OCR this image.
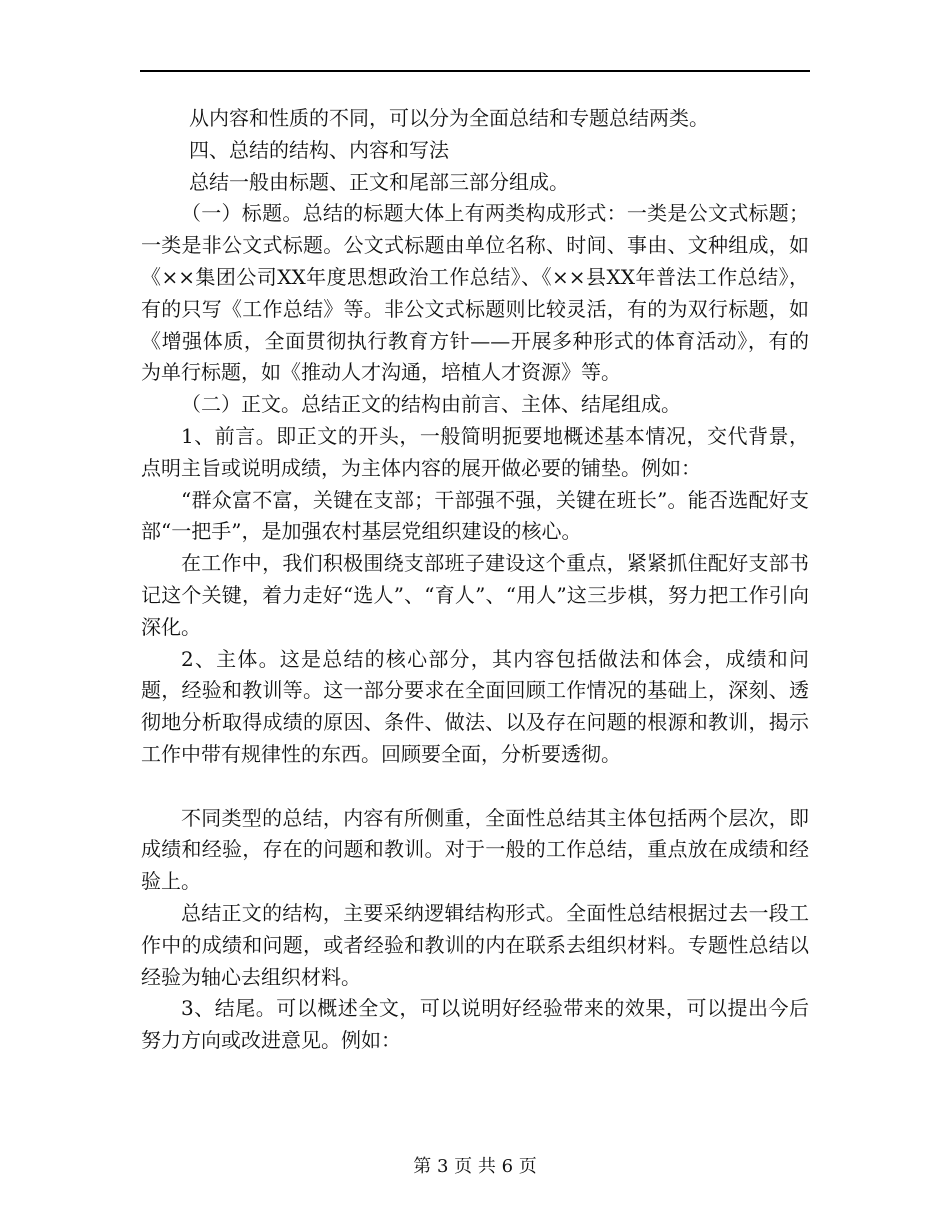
从内容和性质的不同，可以分为全面总结和专题总结两类。

四、总结的结构、内容和写法

总结一般由标题、正文和尾部三部分组成。

（一）标题。总结的标题大体上有两类构成形式：一类是公文式标题；一类是非公文式标题。公文式标题由单位名称、时间、事由、文种组成，如《××集团公司XX年度思想政治工作总结》、《××县XX年普法工作总结》，有的只写《工作总结》等。非公文式标题则比较灵活，有的为双行标题，如《增强体质，全面贯彻执行教育方针——开展多种形式的体育活动》，有的为单行标题，如《推动人才沟通，培植人才资源》等。

（二）正文。总结正文的结构由前言、主体、结尾组成。

1、前言。即正文的开头，一般简明扼要地概述基本情况，交代背景，点明主旨或说明成绩，为主体内容的展开做必要的铺垫。例如：

“群众富不富，关键在支部；干部强不强，关键在班长”。能否选配好支部“一把手”，是加强农村基层党组织建设的核心。

在工作中，我们积极围绕支部班子建设这个重点，紧紧抓住配好支部书记这个关键，着力走好“选人”、“育人”、“用人”这三步棋，努力把工作引向深化。

2、主体。这是总结的核心部分，其内容包括做法和体会，成绩和问题，经验和教训等。这一部分要求在全面回顾工作情况的基础上，深刻、透彻地分析取得成绩的原因、条件、做法、以及存在问题的根源和教训，揭示工作中带有规律性的东西。回顾要全面，分析要透彻。

不同类型的总结，内容有所侧重，全面性总结其主体包括两个层次，即成绩和经验，存在的问题和教训。对于一般的工作总结，重点放在成绩和经验上。

总结正文的结构，主要采纳逻辑结构形式。全面性总结根据过去一段工作中的成绩和问题，或者经验和教训的内在联系去组织材料。专题性总结以经验为轴心去组织材料。

3、结尾。可以概述全文，可以说明好经验带来的效果，可以提出今后努力方向或改进意见。例如：

第 3 页 共 6 页
